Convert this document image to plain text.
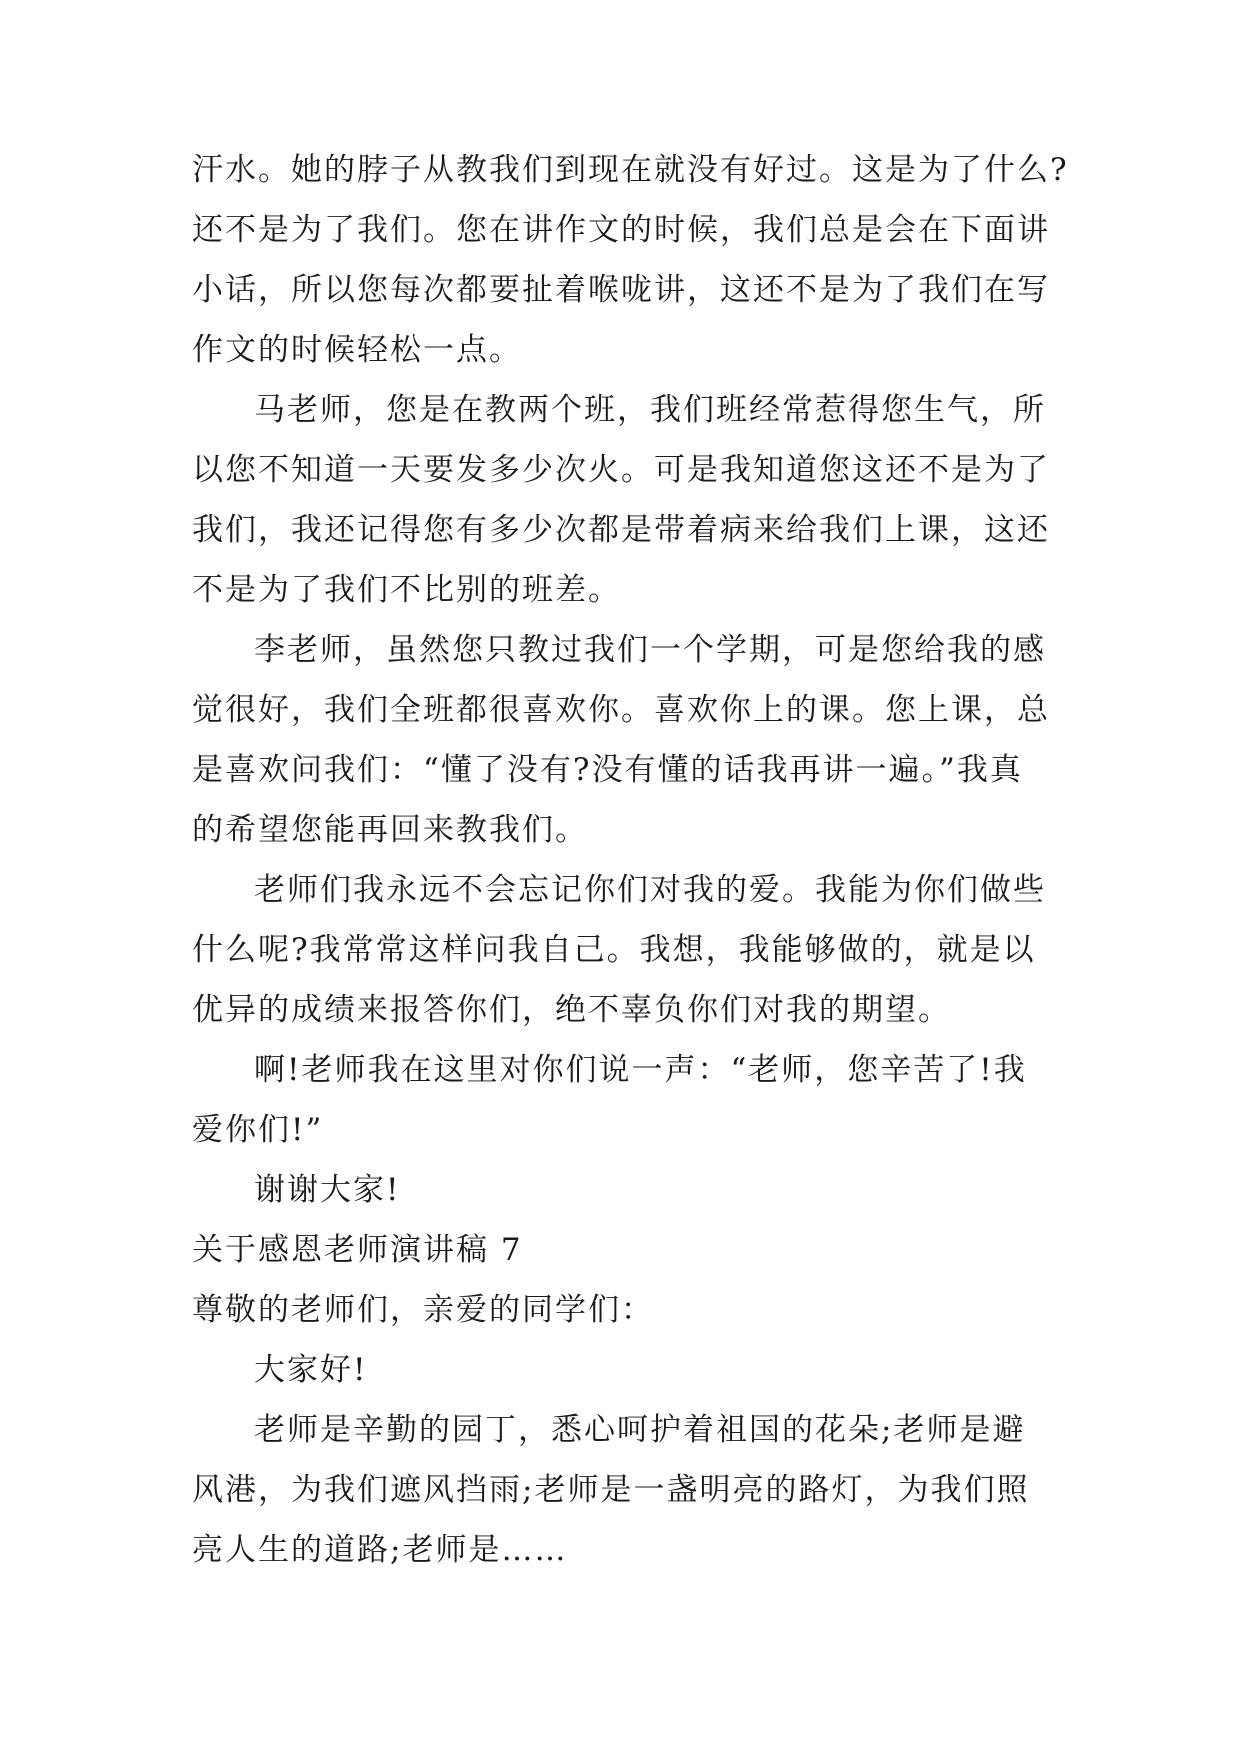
汗水。她的脖子从教我们到现在就没有好过。这是为了什么?
还不是为了我们。您在讲作文的时候，我们总是会在下面讲
小话，所以您每次都要扯着喉咙讲，这还不是为了我们在写
作文的时候轻松一点。
马老师，您是在教两个班，我们班经常惹得您生气，所
以您不知道一天要发多少次火。可是我知道您这还不是为了
我们，我还记得您有多少次都是带着病来给我们上课，这还
不是为了我们不比别的班差。
李老师，虽然您只教过我们一个学期，可是您给我的感
觉很好，我们全班都很喜欢你。喜欢你上的课。您上课，总
是喜欢问我们：“懂了没有?没有懂的话我再讲一遍。”我真
的希望您能再回来教我们。
老师们我永远不会忘记你们对我的爱。我能为你们做些
什么呢?我常常这样问我自己。我想，我能够做的，就是以
优异的成绩来报答你们，绝不辜负你们对我的期望。
啊!老师我在这里对你们说一声：“老师，您辛苦了!我
爱你们!”
谢谢大家!
关于感恩老师演讲稿 7
尊敬的老师们，亲爱的同学们：
大家好!
老师是辛勤的园丁，悉心呵护着祖国的花朵;老师是避
风港，为我们遮风挡雨;老师是一盏明亮的路灯，为我们照
亮人生的道路;老师是……
